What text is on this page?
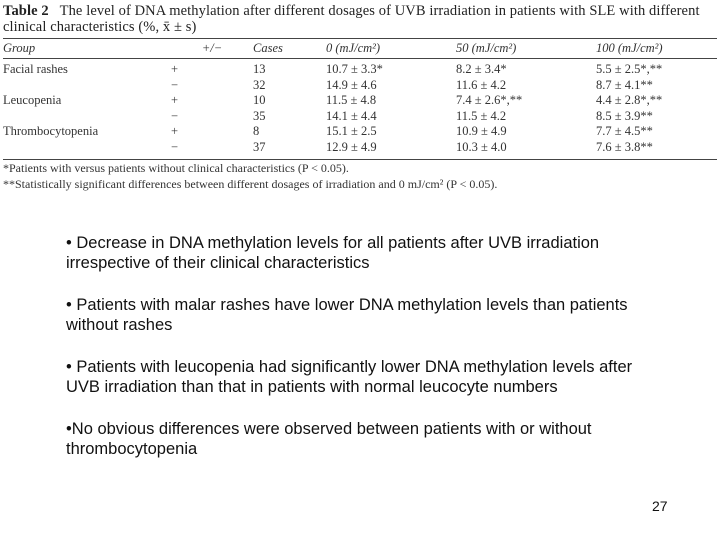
Table 2 The level of DNA methylation after different dosages of UVB irradiation in patients with SLE with different clinical characteristics (%, x̄ ± s)
Group	+/−	Cases	0 (mJ/cm²)	50 (mJ/cm²)	100 (mJ/cm²)

Facial rashes	+	13	10.7 ± 3.3*	8.2 ± 3.4*	5.5 ± 2.5*,**
	−	32	14.9 ± 4.6	11.6 ± 4.2	8.7 ± 4.1**
Leucopenia	+	10	11.5 ± 4.8	7.4 ± 2.6*,**	4.4 ± 2.8*,**
	−	35	14.1 ± 4.4	11.5 ± 4.2	8.5 ± 3.9**
Thrombocytopenia	+	8	15.1 ± 2.5	10.9 ± 4.9	7.7 ± 4.5**
	−	37	12.9 ± 4.9	10.3 ± 4.0	7.6 ± 3.8**
*Patients with versus patients without clinical characteristics (P < 0.05).
**Statistically significant differences between different dosages of irradiation and 0 mJ/cm² (P < 0.05).

• Decrease in DNA methylation levels for all patients after UVB irradiation irrespective of their clinical characteristics

• Patients with malar rashes have lower DNA methylation levels than patients without rashes

• Patients with leucopenia had significantly lower DNA methylation levels after UVB irradiation than that in patients with normal leucocyte numbers

•No obvious differences were observed between patients with or without thrombocytopenia

27
